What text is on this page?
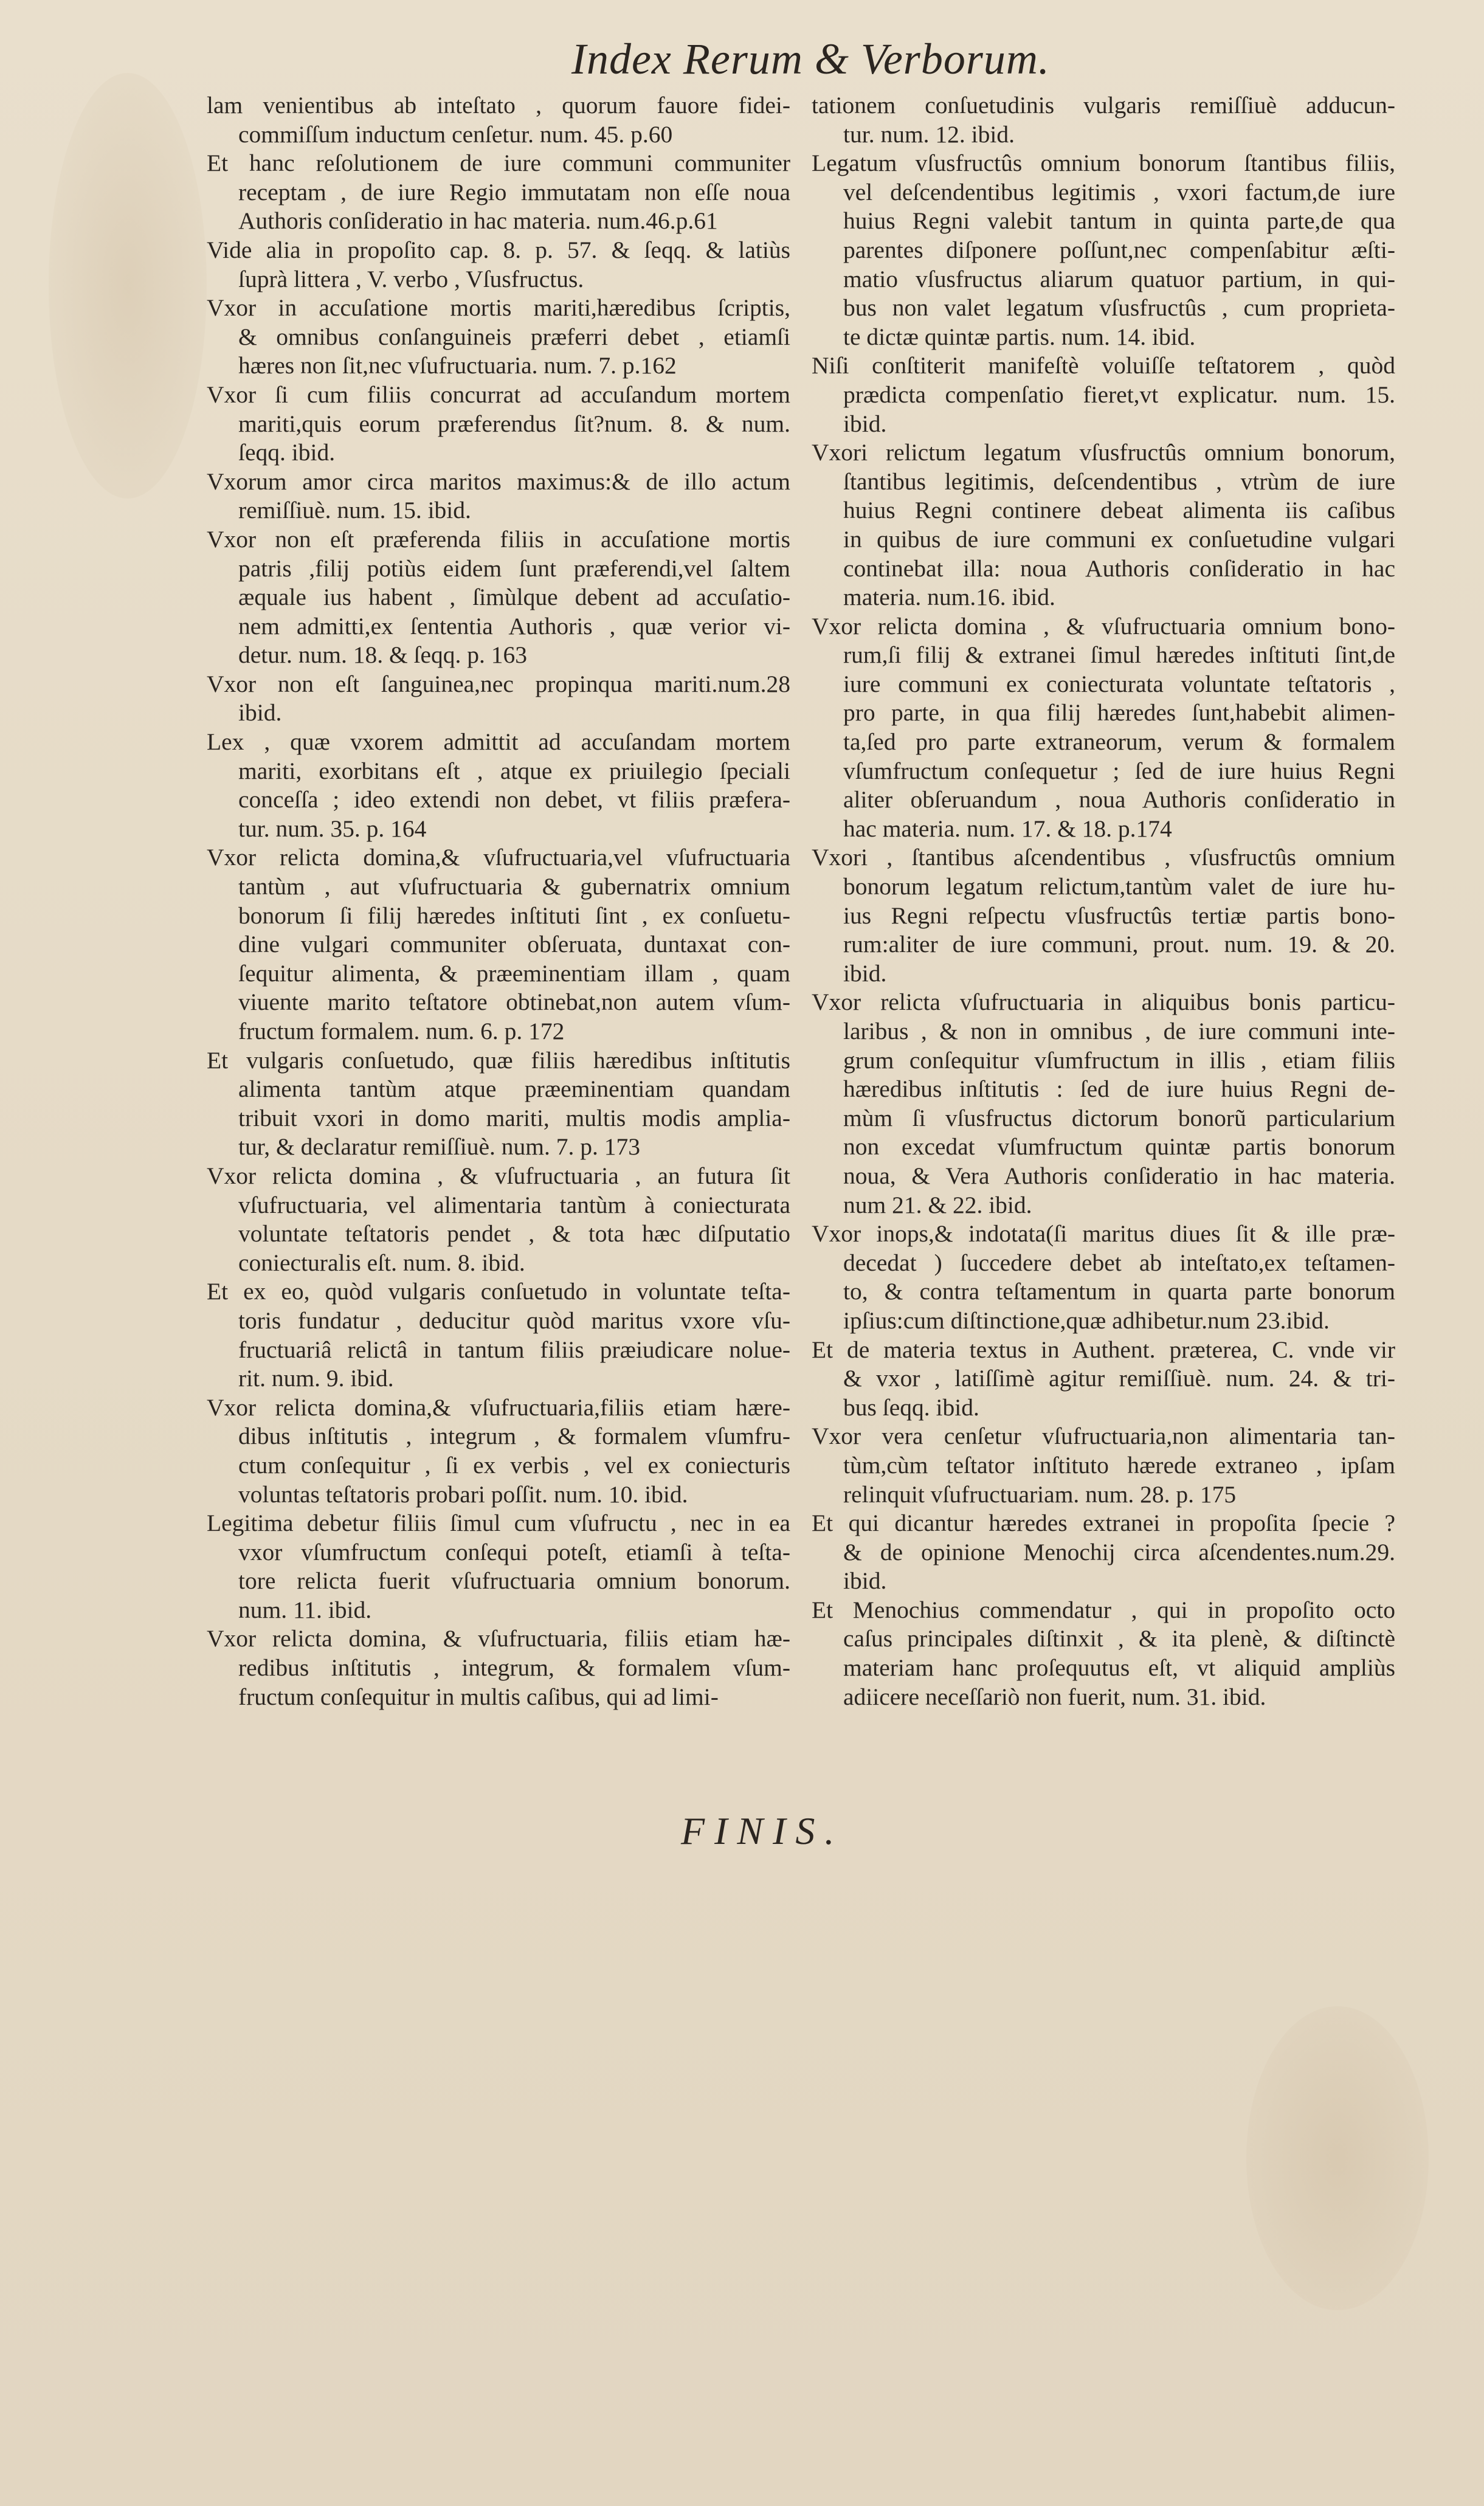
Index Rerum & Verborum.
lam venientibus ab inteſtato , quorum fauore fidei-
commiſſum inductum cenſetur. num. 45. p.60
Et hanc reſolutionem de iure communi communiter
receptam , de iure Regio immutatam non eſſe noua
Authoris conſideratio in hac materia. num.46.p.61
Vide alia in propoſito cap. 8. p. 57. & ſeqq. & latiùs
ſuprà littera , V. verbo , Vſusfructus.
Vxor in accuſatione mortis mariti,hæredibus ſcriptis,
& omnibus conſanguineis præferri debet , etiamſi
hæres non ſit,nec vſufructuaria. num. 7. p.162
Vxor ſi cum filiis concurrat ad accuſandum mortem
mariti,quis eorum præferendus ſit?num. 8. & num.
ſeqq. ibid.
Vxorum amor circa maritos maximus:& de illo actum
remiſſiuè. num. 15. ibid.
Vxor non eſt præferenda filiis in accuſatione mortis
patris ,filij potiùs eidem ſunt præferendi,vel ſaltem
æquale ius habent , ſimùlque debent ad accuſatio-
nem admitti,ex ſententia Authoris , quæ verior vi-
detur. num. 18. & ſeqq. p. 163
Vxor non eſt ſanguinea,nec propinqua mariti.num.28
ibid.
Lex , quæ vxorem admittit ad accuſandam mortem
mariti, exorbitans eſt , atque ex priuilegio ſpeciali
conceſſa ; ideo extendi non debet, vt filiis præfera-
tur. num. 35. p. 164
Vxor relicta domina,& vſufructuaria,vel vſufructuaria
tantùm , aut vſufructuaria & gubernatrix omnium
bonorum ſi filij hæredes inſtituti ſint , ex conſuetu-
dine vulgari communiter obſeruata, duntaxat con-
ſequitur alimenta, & præeminentiam illam , quam
viuente marito teſtatore obtinebat,non autem vſum-
fructum formalem. num. 6. p. 172
Et vulgaris conſuetudo, quæ filiis hæredibus inſtitutis
alimenta tantùm atque præeminentiam quandam
tribuit vxori in domo mariti, multis modis amplia-
tur, & declaratur remiſſiuè. num. 7. p. 173
Vxor relicta domina , & vſufructuaria , an futura ſit
vſufructuaria, vel alimentaria tantùm à coniecturata
voluntate teſtatoris pendet , & tota hæc diſputatio
coniecturalis eſt. num. 8. ibid.
Et ex eo, quòd vulgaris conſuetudo in voluntate teſta-
toris fundatur , deducitur quòd maritus vxore vſu-
fructuariâ relictâ in tantum filiis præiudicare nolue-
rit. num. 9. ibid.
Vxor relicta domina,& vſufructuaria,filiis etiam hære-
dibus inſtitutis , integrum , & formalem vſumfru-
ctum conſequitur , ſi ex verbis , vel ex coniecturis
voluntas teſtatoris probari poſſit. num. 10. ibid.
Legitima debetur filiis ſimul cum vſufructu , nec in ea
vxor vſumfructum conſequi poteſt, etiamſi à teſta-
tore relicta fuerit vſufructuaria omnium bonorum.
num. 11. ibid.
Vxor relicta domina, & vſufructuaria, filiis etiam hæ-
redibus inſtitutis , integrum, & formalem vſum-
fructum conſequitur in multis caſibus, qui ad limi-
tationem conſuetudinis vulgaris remiſſiuè adducun-
tur. num. 12. ibid.
Legatum vſusfructûs omnium bonorum ſtantibus filiis,
vel deſcendentibus legitimis , vxori factum,de iure
huius Regni valebit tantum in quinta parte,de qua
parentes diſponere poſſunt,nec compenſabitur æſti-
matio vſusfructus aliarum quatuor partium, in qui-
bus non valet legatum vſusfructûs , cum proprieta-
te dictæ quintæ partis. num. 14. ibid.
Niſi conſtiterit manifeſtè voluiſſe teſtatorem , quòd
prædicta compenſatio fieret,vt explicatur. num. 15.
ibid.
Vxori relictum legatum vſusfructûs omnium bonorum,
ſtantibus legitimis, deſcendentibus , vtrùm de iure
huius Regni continere debeat alimenta iis caſibus
in quibus de iure communi ex conſuetudine vulgari
continebat illa: noua Authoris conſideratio in hac
materia. num.16. ibid.
Vxor relicta domina , & vſufructuaria omnium bono-
rum,ſi filij & extranei ſimul hæredes inſtituti ſint,de
iure communi ex coniecturata voluntate teſtatoris ,
pro parte, in qua filij hæredes ſunt,habebit alimen-
ta,ſed pro parte extraneorum, verum & formalem
vſumfructum conſequetur ; ſed de iure huius Regni
aliter obſeruandum , noua Authoris conſideratio in
hac materia. num. 17. & 18. p.174
Vxori , ſtantibus aſcendentibus , vſusfructûs omnium
bonorum legatum relictum,tantùm valet de iure hu-
ius Regni reſpectu vſusfructûs tertiæ partis bono-
rum:aliter de iure communi, prout. num. 19. & 20.
ibid.
Vxor relicta vſufructuaria in aliquibus bonis particu-
laribus , & non in omnibus , de iure communi inte-
grum conſequitur vſumfructum in illis , etiam filiis
hæredibus inſtitutis : ſed de iure huius Regni de-
mùm ſi vſusfructus dictorum bonorũ particularium
non excedat vſumfructum quintæ partis bonorum
noua, & Vera Authoris conſideratio in hac materia.
num 21. & 22. ibid.
Vxor inops,& indotata(ſi maritus diues ſit & ille præ-
decedat ) ſuccedere debet ab inteſtato,ex teſtamen-
to, & contra teſtamentum in quarta parte bonorum
ipſius:cum diſtinctione,quæ adhibetur.num 23.ibid.
Et de materia textus in Authent. præterea, C. vnde vir
& vxor , latiſſimè agitur remiſſiuè. num. 24. & tri-
bus ſeqq. ibid.
Vxor vera cenſetur vſufructuaria,non alimentaria tan-
tùm,cùm teſtator inſtituto hærede extraneo , ipſam
relinquit vſufructuariam. num. 28. p. 175
Et qui dicantur hæredes extranei in propoſita ſpecie ?
& de opinione Menochij circa aſcendentes.num.29.
ibid.
Et Menochius commendatur , qui in propoſito octo
caſus principales diſtinxit , & ita plenè, & diſtinctè
materiam hanc proſequutus eſt, vt aliquid ampliùs
adiicere neceſſariò non fuerit, num. 31. ibid.
FINIS.
